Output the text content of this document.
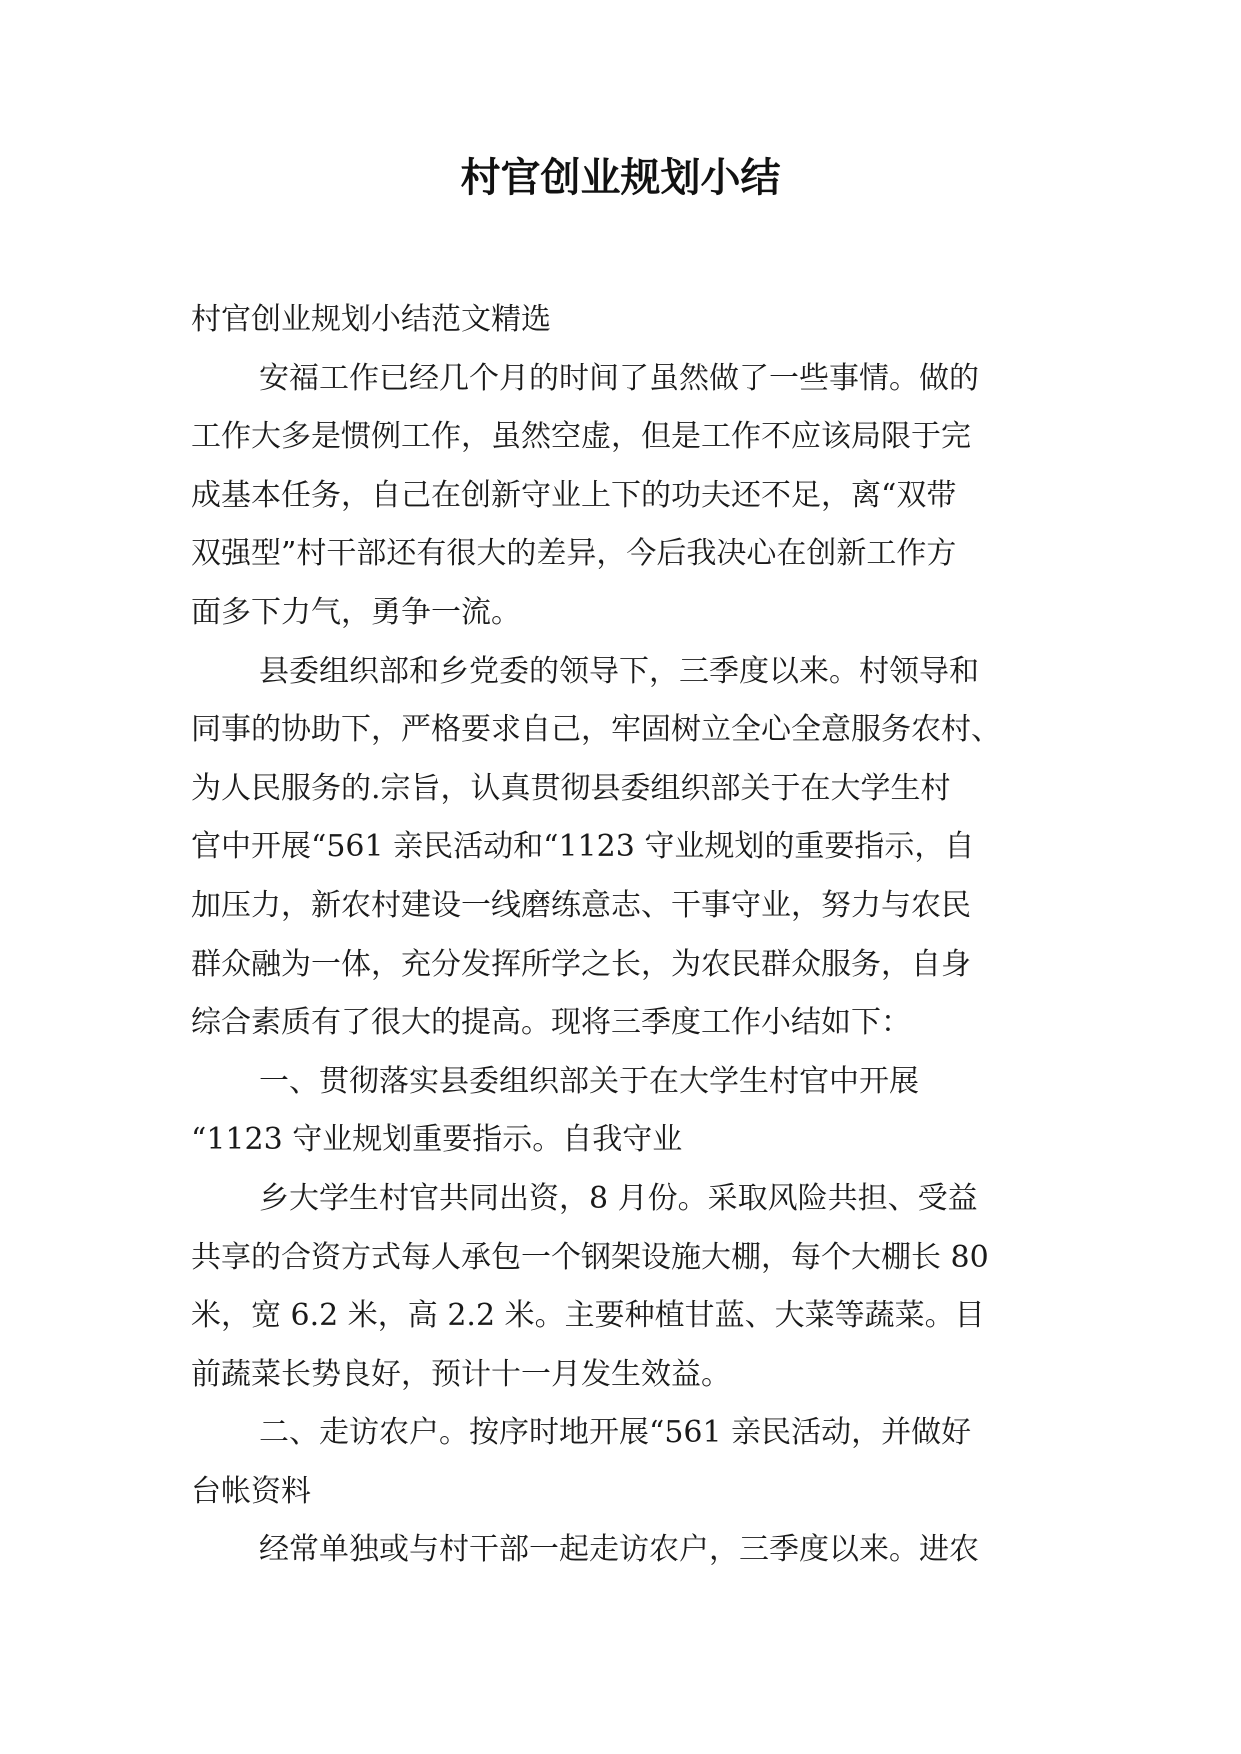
村官创业规划小结
村官创业规划小结范文精选
安福工作已经几个月的时间了虽然做了一些事情。做的
工作大多是惯例工作，虽然空虚，但是工作不应该局限于完
成基本任务，自己在创新守业上下的功夫还不足，离“双带
双强型”村干部还有很大的差异，今后我决心在创新工作方
面多下力气，勇争一流。
县委组织部和乡党委的领导下，三季度以来。村领导和
同事的协助下，严格要求自己，牢固树立全心全意服务农村、
为人民服务的.宗旨，认真贯彻县委组织部关于在大学生村
官中开展“561 亲民活动和“1123 守业规划的重要指示，自
加压力，新农村建设一线磨练意志、干事守业，努力与农民
群众融为一体，充分发挥所学之长，为农民群众服务，自身
综合素质有了很大的提高。现将三季度工作小结如下：
一、贯彻落实县委组织部关于在大学生村官中开展
“1123 守业规划重要指示。自我守业
乡大学生村官共同出资，8 月份。采取风险共担、受益
共享的合资方式每人承包一个钢架设施大棚，每个大棚长 80
米，宽 6.2 米，高 2.2 米。主要种植甘蓝、大菜等蔬菜。目
前蔬菜长势良好，预计十一月发生效益。
二、走访农户。按序时地开展“561 亲民活动，并做好
台帐资料
经常单独或与村干部一起走访农户，三季度以来。进农
